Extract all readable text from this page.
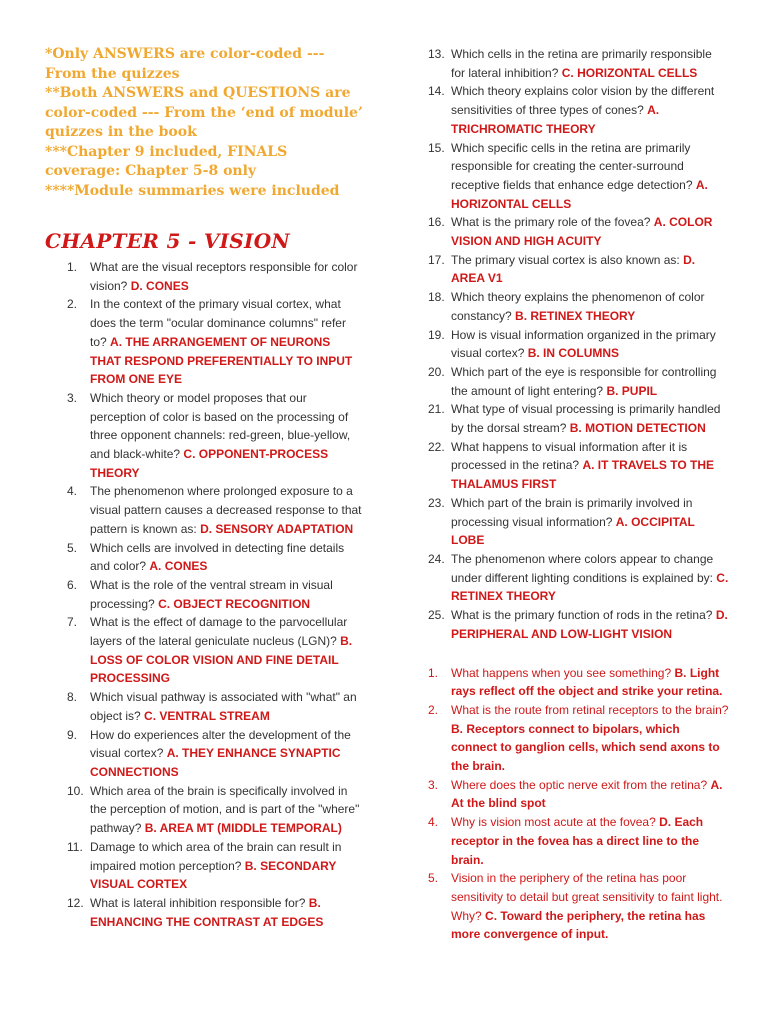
*Only ANSWERS are color-coded --- From the quizzes

**Both ANSWERS and QUESTIONS are color-coded --- From the ‘end of module’ quizzes in the book

***Chapter 9 included, FINALS coverage: Chapter 5-8 only

****Module summaries were included

CHAPTER 5 - VISION
1. What are the visual receptors responsible for color vision? D. CONES
2. In the context of the primary visual cortex, what does the term "ocular dominance columns" refer to? A. THE ARRANGEMENT OF NEURONS THAT RESPOND PREFERENTIALLY TO INPUT FROM ONE EYE
3. Which theory or model proposes that our perception of color is based on the processing of three opponent channels: red-green, blue-yellow, and black-white? C. OPPONENT-PROCESS THEORY
4. The phenomenon where prolonged exposure to a visual pattern causes a decreased response to that pattern is known as: D. SENSORY ADAPTATION
5. Which cells are involved in detecting fine details and color? A. CONES
6. What is the role of the ventral stream in visual processing? C. OBJECT RECOGNITION
7. What is the effect of damage to the parvocellular layers of the lateral geniculate nucleus (LGN)? B. LOSS OF COLOR VISION AND FINE DETAIL PROCESSING
8. Which visual pathway is associated with "what" an object is? C. VENTRAL STREAM
9. How do experiences alter the development of the visual cortex? A. THEY ENHANCE SYNAPTIC CONNECTIONS
10. Which area of the brain is specifically involved in the perception of motion, and is part of the "where" pathway? B. AREA MT (MIDDLE TEMPORAL)
11. Damage to which area of the brain can result in impaired motion perception? B. SECONDARY VISUAL CORTEX
12. What is lateral inhibition responsible for? B. ENHANCING THE CONTRAST AT EDGES
13. Which cells in the retina are primarily responsible for lateral inhibition? C. HORIZONTAL CELLS
14. Which theory explains color vision by the different sensitivities of three types of cones? A. TRICHROMATIC THEORY
15. Which specific cells in the retina are primarily responsible for creating the center-surround receptive fields that enhance edge detection? A. HORIZONTAL CELLS
16. What is the primary role of the fovea? A. COLOR VISION AND HIGH ACUITY
17. The primary visual cortex is also known as: D. AREA V1
18. Which theory explains the phenomenon of color constancy? B. RETINEX THEORY
19. How is visual information organized in the primary visual cortex? B. IN COLUMNS
20. Which part of the eye is responsible for controlling the amount of light entering? B. PUPIL
21. What type of visual processing is primarily handled by the dorsal stream? B. MOTION DETECTION
22. What happens to visual information after it is processed in the retina? A. IT TRAVELS TO THE THALAMUS FIRST
23. Which part of the brain is primarily involved in processing visual information? A. OCCIPITAL LOBE
24. The phenomenon where colors appear to change under different lighting conditions is explained by: C. RETINEX THEORY
25. What is the primary function of rods in the retina? D. PERIPHERAL AND LOW-LIGHT VISION
1. What happens when you see something? B. Light rays reflect off the object and strike your retina.
2. What is the route from retinal receptors to the brain? B. Receptors connect to bipolars, which connect to ganglion cells, which send axons to the brain.
3. Where does the optic nerve exit from the retina? A. At the blind spot
4. Why is vision most acute at the fovea? D. Each receptor in the fovea has a direct line to the brain.
5. Vision in the periphery of the retina has poor sensitivity to detail but great sensitivity to faint light. Why? C. Toward the periphery, the retina has more convergence of input.
